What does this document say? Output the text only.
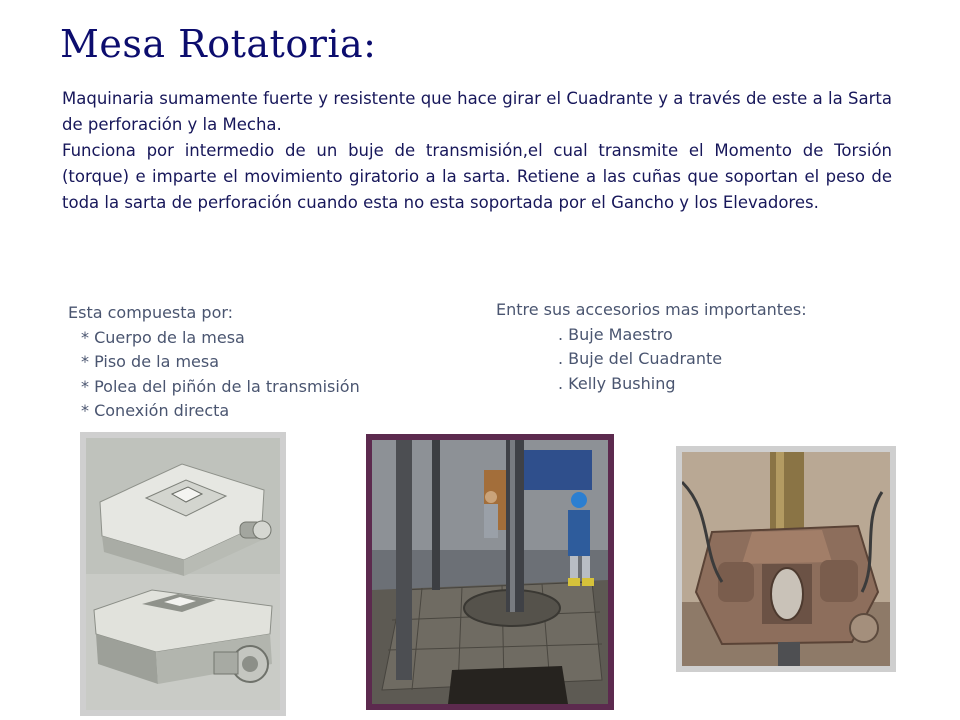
Mesa Rotatoria:

Maquinaria sumamente fuerte y resistente que hace girar el Cuadrante y a través de este a la Sarta de perforación y la Mecha.

Funciona por intermedio de un buje de transmisión,el cual transmite el Momento de Torsión (torque) e imparte el movimiento giratorio a la sarta. Retiene a las cuñas que soportan el peso de toda la sarta de perforación cuando esta no esta soportada por el Gancho y los Elevadores.

Esta compuesta por:
* Cuerpo de la mesa
* Piso de la mesa
* Polea del piñón de la transmisión
* Conexión directa
Entre sus accesorios mas importantes:
. Buje Maestro
. Buje del Cuadrante
. Kelly Bushing
